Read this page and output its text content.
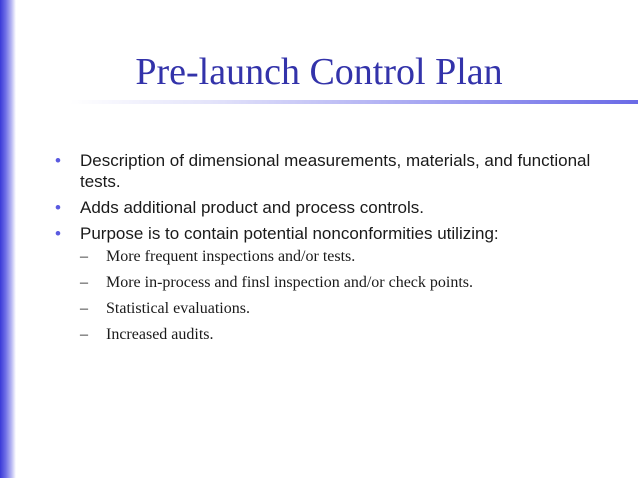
Pre-launch Control Plan
• Description of dimensional measurements, materials, and functional tests.
• Adds additional product and process controls.
• Purpose is to contain potential nonconformities utilizing:
– More frequent inspections and/or tests.
– More in-process and finsl inspection and/or check points.
– Statistical evaluations.
– Increased audits.
